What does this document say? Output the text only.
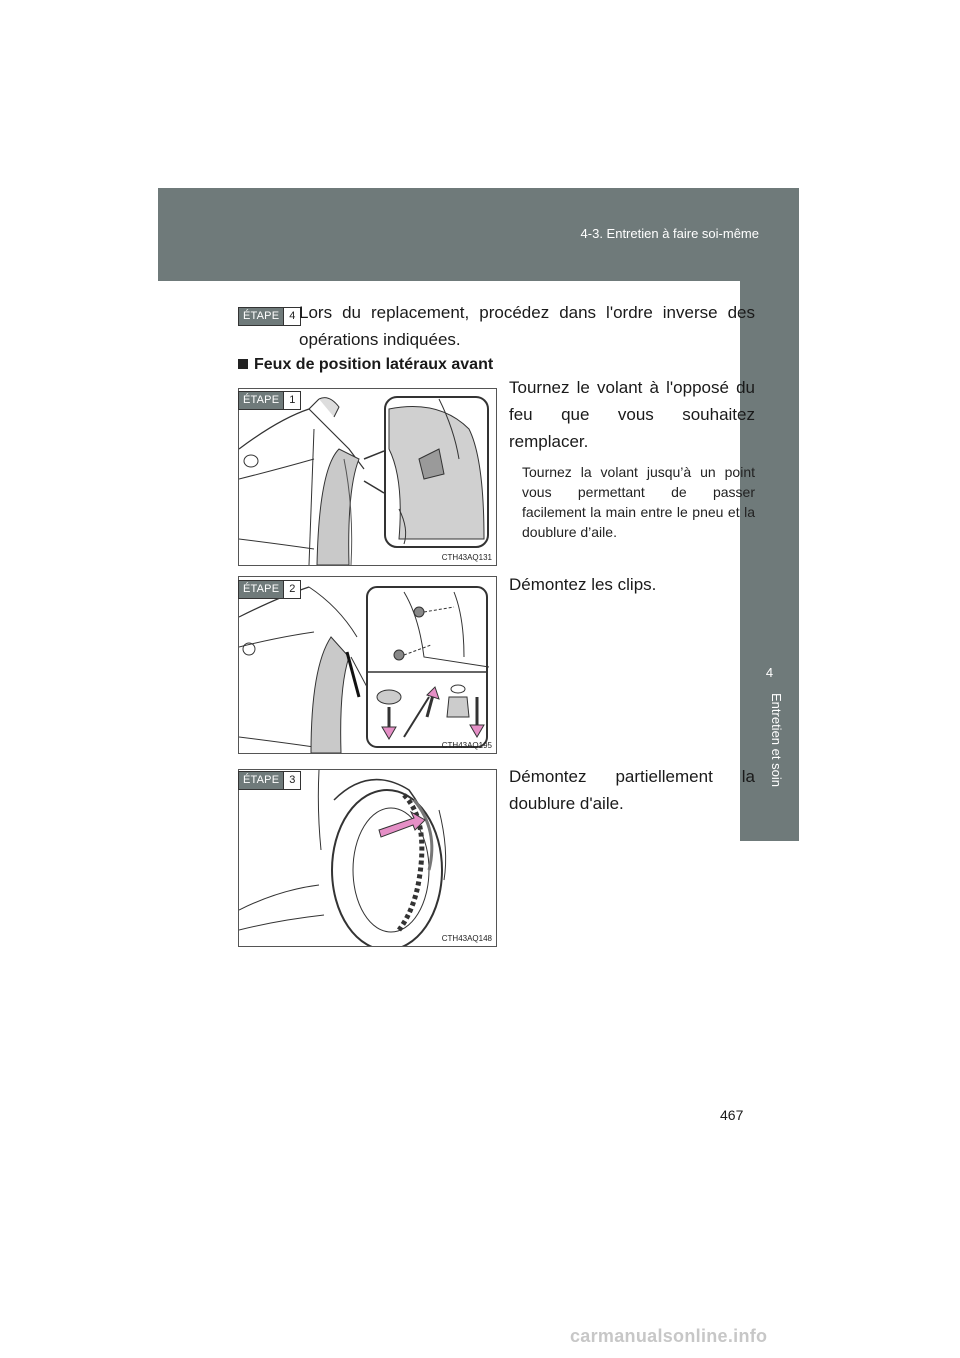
4-3. Entretien à faire soi-même
4
Entretien et soin
ÉTAPE 4 Lors du replacement, procédez dans l'ordre inverse des opérations indiquées.
Feux de position latéraux avant
CTH43AQ131
ÉTAPE 1
Tournez le volant à l'opposé du feu que vous souhaitez remplacer.
Tournez la volant jusqu’à un point vous permettant de passer facilement la main entre le pneu et la doublure d’aile.
CTH43AQ195
ÉTAPE 2	Démontez les clips.
CTH43AQ148
ÉTAPE 3	Démontez partiellement la doublure d'aile.
467
carmanualsonline.info
